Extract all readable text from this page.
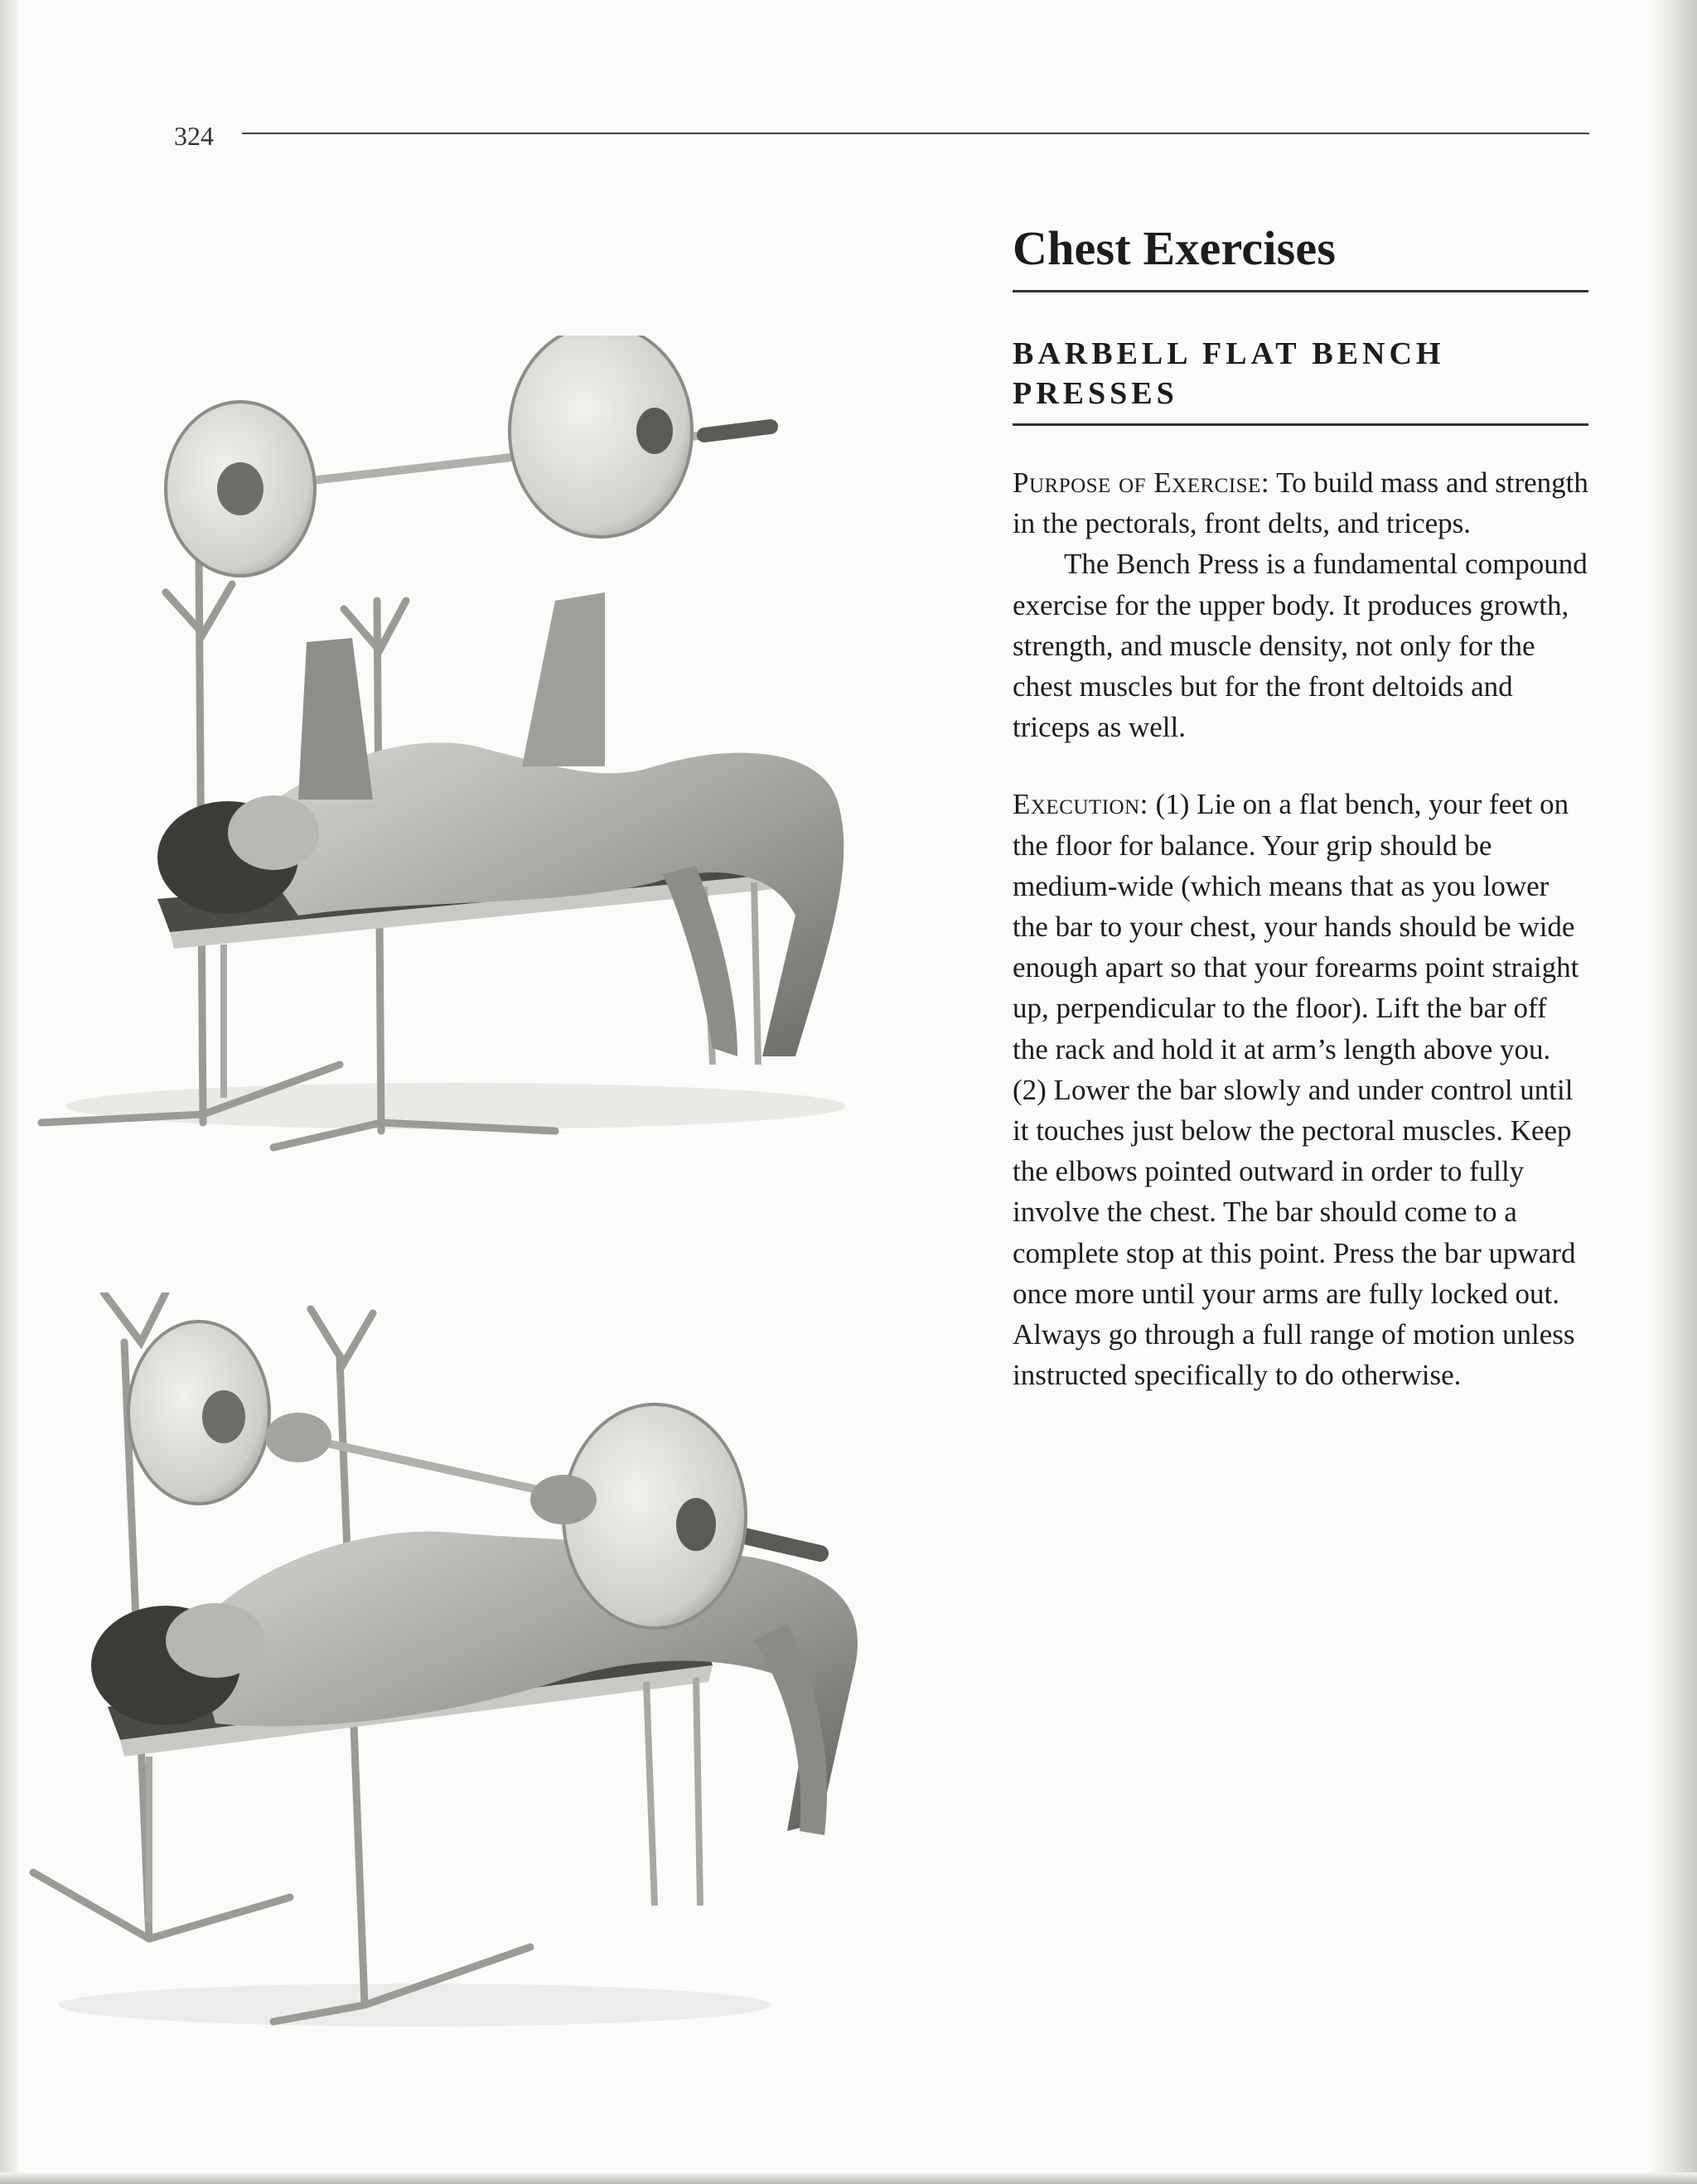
324
Chest Exercises
BARBELL FLAT BENCH PRESSES

Purpose of Exercise: To build mass and strength in the pectorals, front delts, and triceps.

The Bench Press is a fundamental compound exercise for the upper body. It produces growth, strength, and muscle density, not only for the chest muscles but for the front deltoids and triceps as well.

Execution: (1) Lie on a flat bench, your feet on the floor for balance. Your grip should be medium-wide (which means that as you lower the bar to your chest, your hands should be wide enough apart so that your forearms point straight up, perpendicular to the floor). Lift the bar off the rack and hold it at arm’s length above you. (2) Lower the bar slowly and under control until it touches just below the pectoral muscles. Keep the elbows pointed outward in order to fully involve the chest. The bar should come to a complete stop at this point. Press the bar upward once more until your arms are fully locked out. Always go through a full range of motion unless instructed specifically to do otherwise.
